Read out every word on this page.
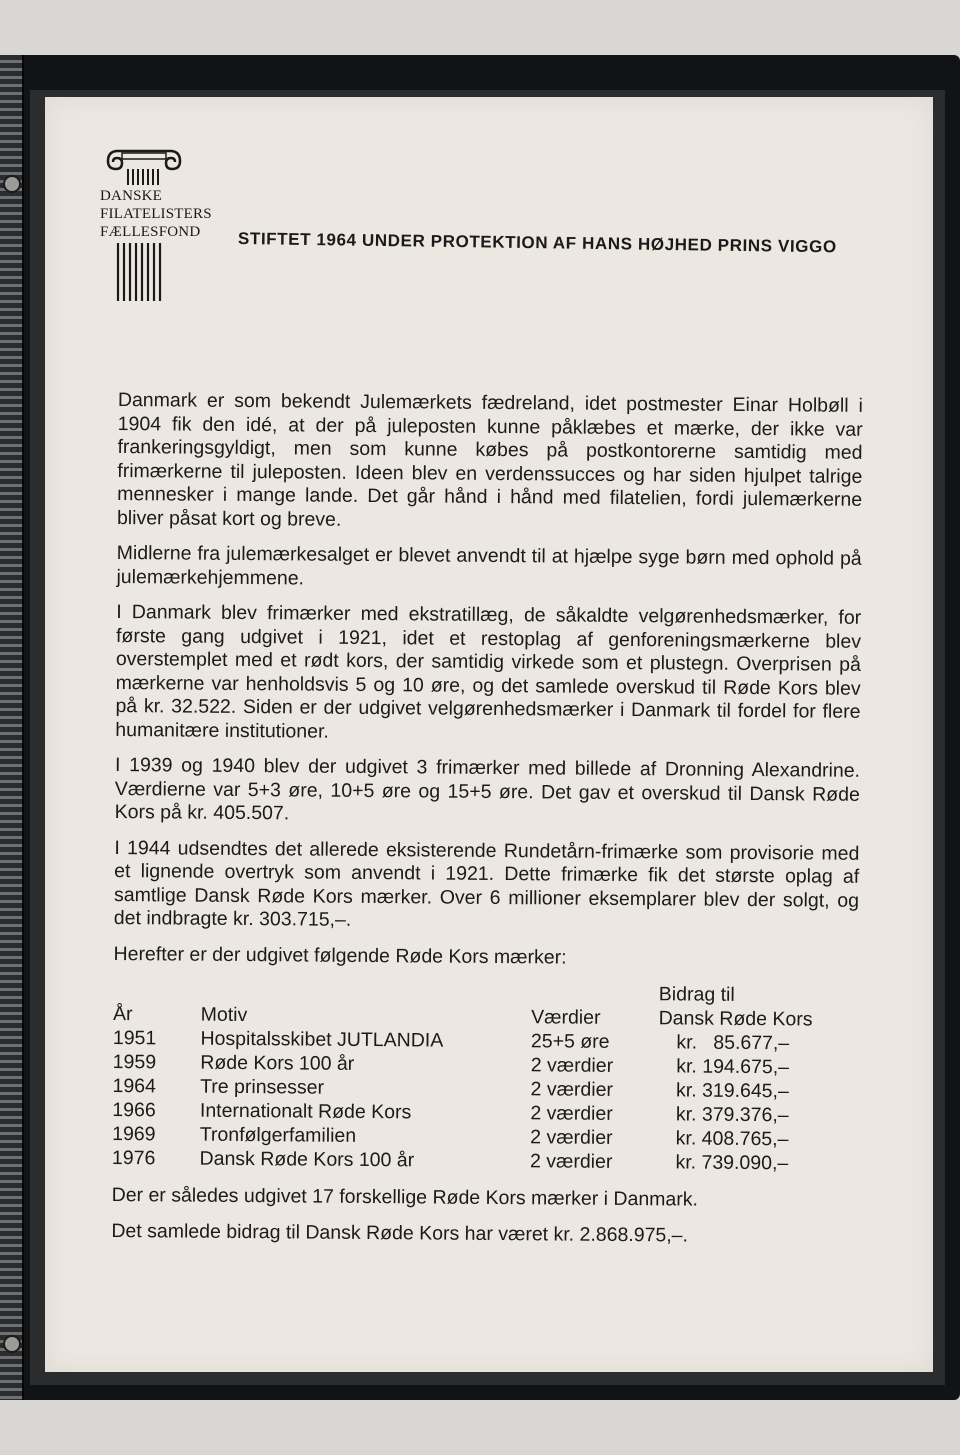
DANSKE
FILATELISTERS
FÆLLESFOND	STIFTET 1964 UNDER PROTEKTION AF HANS HØJHED PRINS VIGGO

Danmark er som bekendt Julemærkets fædreland, idet postmester Einar Holbøll i 1904 fik den idé, at der på juleposten kunne påklæbes et mærke, der ikke var frankeringsgyldigt, men som kunne købes på postkontorerne samtidig med frimærkerne til juleposten. Ideen blev en verdenssucces og har siden hjulpet talrige mennesker i mange lande. Det går hånd i hånd med filatelien, fordi julemærkerne bliver påsat kort og breve.

Midlerne fra julemærkesalget er blevet anvendt til at hjælpe syge børn med ophold på julemærkehjemmene.

I Danmark blev frimærker med ekstratillæg, de såkaldte velgørenhedsmærker, for første gang udgivet i 1921, idet et restoplag af genforeningsmærkerne blev overstemplet med et rødt kors, der samtidig virkede som et plustegn. Overprisen på mærkerne var henholdsvis 5 og 10 øre, og det samlede overskud til Røde Kors blev på kr. 32.522. Siden er der udgivet velgørenhedsmærker i Danmark til fordel for flere humanitære institutioner.

I 1939 og 1940 blev der udgivet 3 frimærker med billede af Dronning Alexandrine. Værdierne var 5+3 øre, 10+5 øre og 15+5 øre. Det gav et overskud til Dansk Røde Kors på kr. 405.507.

I 1944 udsendtes det allerede eksisterende Rundetårn-frimærke som provisorie med et lignende overtryk som anvendt i 1921. Dette frimærke fik det største oplag af samtlige Dansk Røde Kors mærker. Over 6 millioner eksemplarer blev der solgt, og det indbragte kr. 303.715,–.

Herefter er der udgivet følgende Røde Kors mærker:

År	Motiv	Værdier	Bidrag til
Dansk Røde Kors

1951	Hospitalsskibet JUTLANDIA	25+5 øre	kr.   85.677,–
1959	Røde Kors 100 år	2 værdier	kr. 194.675,–
1964	Tre prinsesser	2 værdier	kr. 319.645,–
1966	Internationalt Røde Kors	2 værdier	kr. 379.376,–
1969	Tronfølgerfamilien	2 værdier	kr. 408.765,–
1976	Dansk Røde Kors 100 år	2 værdier	kr. 739.090,–

Der er således udgivet 17 forskellige Røde Kors mærker i Danmark.

Det samlede bidrag til Dansk Røde Kors har været kr. 2.868.975,–.
